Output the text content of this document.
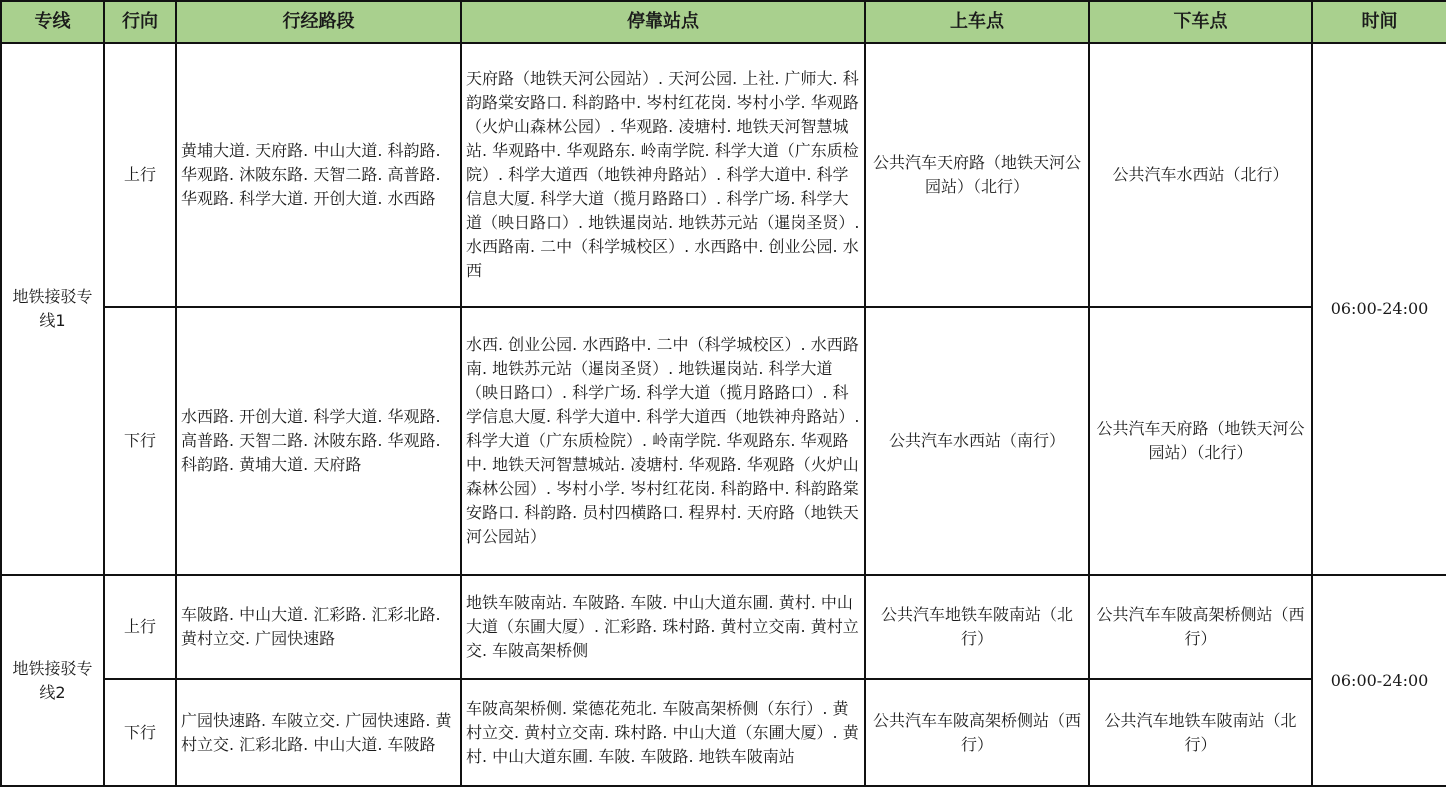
专线	行向	行经路段	停靠站点	上车点	下车点	时间
地铁接驳专线1	上行	黄埔大道. 天府路. 中山大道. 科韵路. 华观路. 沐陂东路. 天智二路. 高普路. 华观路. 科学大道. 开创大道. 水西路	天府路（地铁天河公园站）. 天河公园. 上社. 广师大. 科韵路棠安路口. 科韵路中. 岑村红花岗. 岑村小学. 华观路（火炉山森林公园）. 华观路. 凌塘村. 地铁天河智慧城站. 华观路中. 华观路东. 岭南学院. 科学大道（广东质检院）. 科学大道西（地铁神舟路站）. 科学大道中. 科学信息大厦. 科学大道（揽月路路口）. 科学广场. 科学大道（映日路口）. 地铁暹岗站. 地铁苏元站（暹岗圣贤）. 水西路南. 二中（科学城校区）. 水西路中. 创业公园. 水西	公共汽车天府路（地铁天河公园站）（北行）	公共汽车水西站（北行）	06:00-24:00
	下行	水西路. 开创大道. 科学大道. 华观路. 高普路. 天智二路. 沐陂东路. 华观路. 科韵路. 黄埔大道. 天府路	水西. 创业公园. 水西路中. 二中（科学城校区）. 水西路南. 地铁苏元站（暹岗圣贤）. 地铁暹岗站. 科学大道（映日路口）. 科学广场. 科学大道（揽月路路口）. 科学信息大厦. 科学大道中. 科学大道西（地铁神舟路站）. 科学大道（广东质检院）. 岭南学院. 华观路东. 华观路中. 地铁天河智慧城站. 凌塘村. 华观路. 华观路（火炉山森林公园）. 岑村小学. 岑村红花岗. 科韵路中. 科韵路棠安路口. 科韵路. 员村四横路口. 程界村. 天府路（地铁天河公园站）	公共汽车水西站（南行）	公共汽车天府路（地铁天河公园站）（北行）	
地铁接驳专线2	上行	车陂路. 中山大道. 汇彩路. 汇彩北路. 黄村立交. 广园快速路	地铁车陂南站. 车陂路. 车陂. 中山大道东圃. 黄村. 中山大道（东圃大厦）. 汇彩路. 珠村路. 黄村立交南. 黄村立交. 车陂高架桥侧	公共汽车地铁车陂南站（北行）	公共汽车车陂高架桥侧站（西行）	06:00-24:00
	下行	广园快速路. 车陂立交. 广园快速路. 黄村立交. 汇彩北路. 中山大道. 车陂路	车陂高架桥侧. 棠德花苑北. 车陂高架桥侧（东行）. 黄村立交. 黄村立交南. 珠村路. 中山大道（东圃大厦）. 黄村. 中山大道东圃. 车陂. 车陂路. 地铁车陂南站	公共汽车车陂高架桥侧站（西行）	公共汽车地铁车陂南站（北行）	
